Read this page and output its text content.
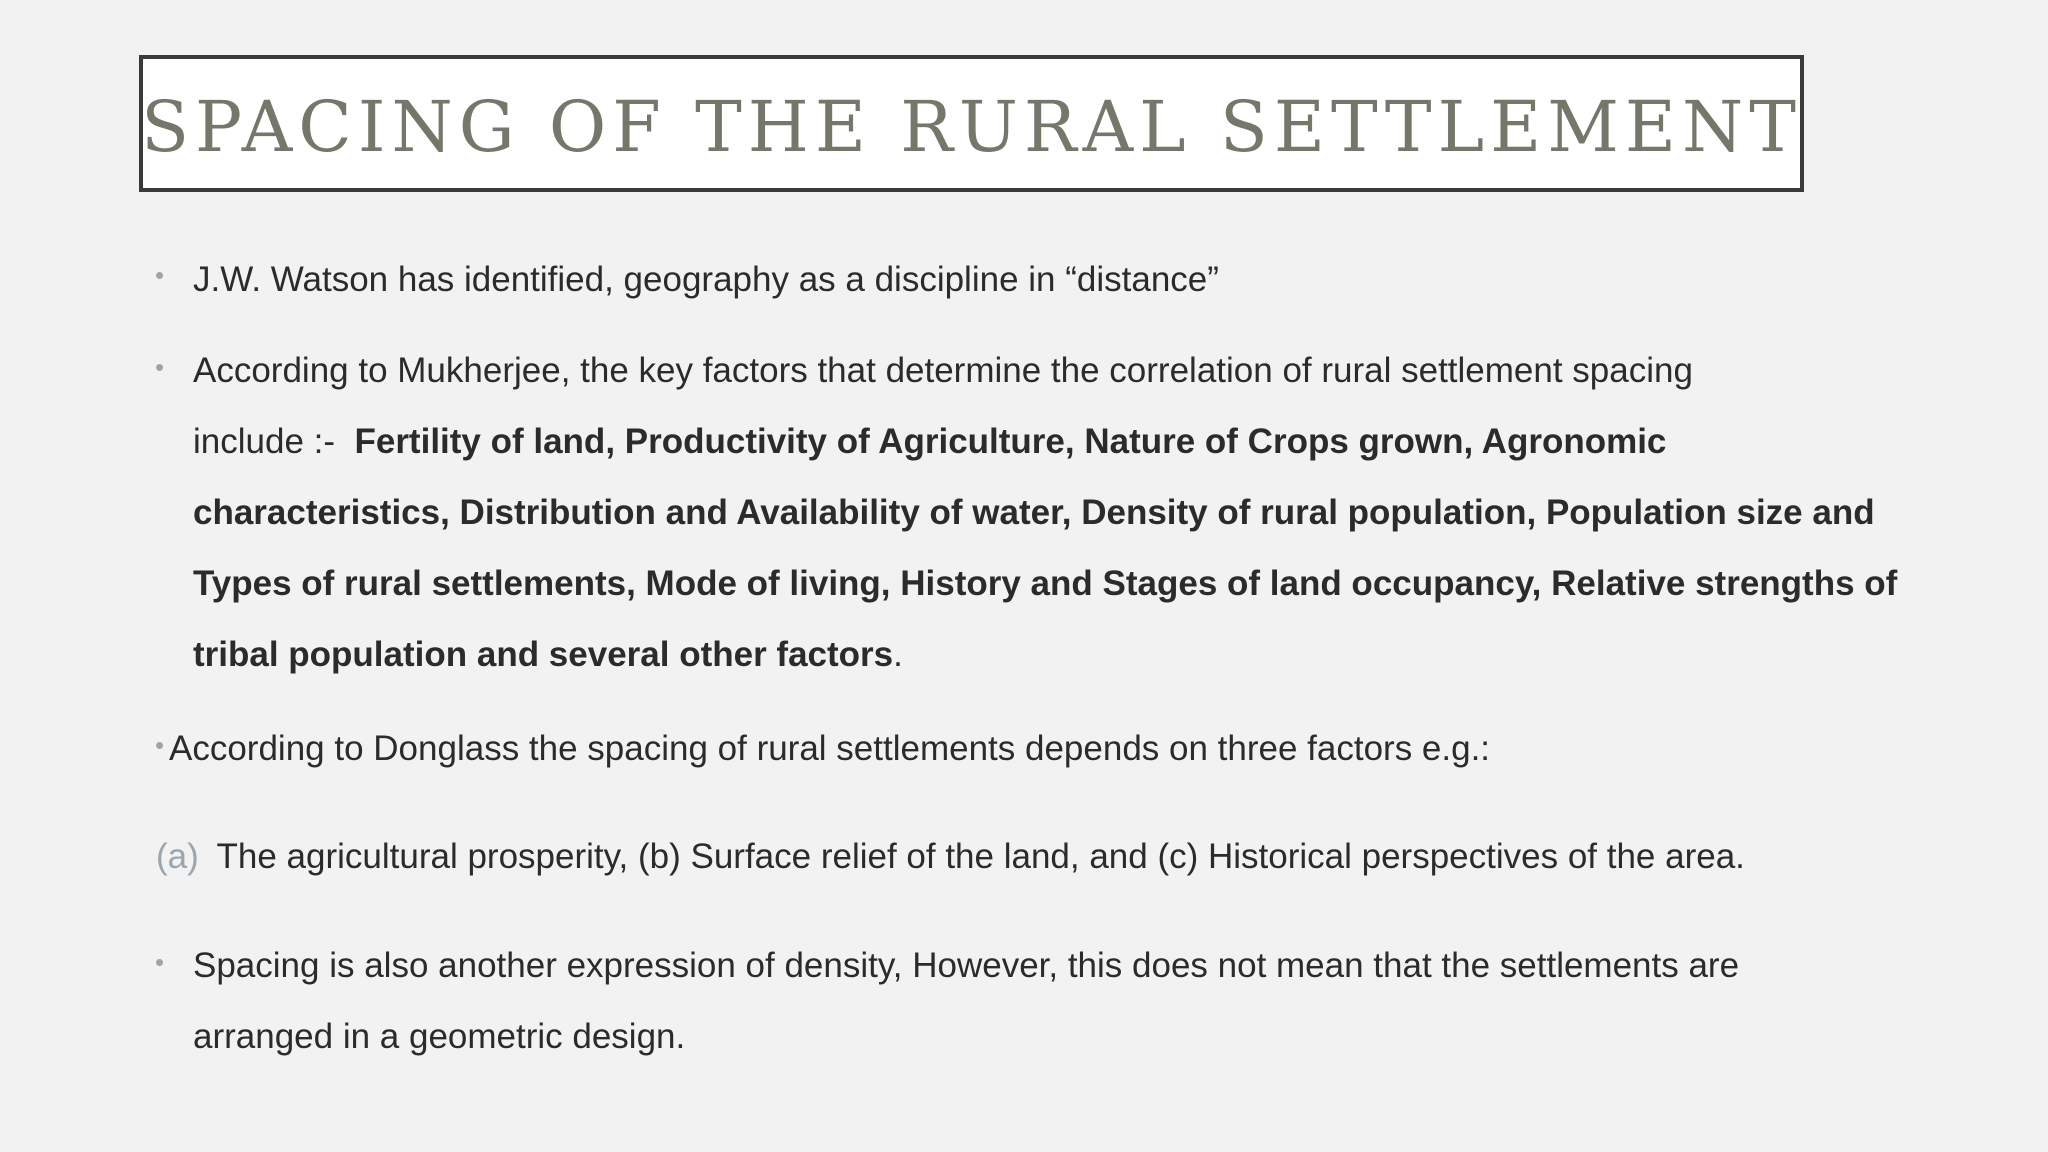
SPACING OF THE RURAL SETTLEMENT
• J.W. Watson has identified, geography as a discipline in “distance”
• According to Mukherjee, the key factors that determine the correlation of rural settlement spacing
include :-  Fertility of land, Productivity of Agriculture, Nature of Crops grown, Agronomic
characteristics, Distribution and Availability of water, Density of rural population, Population size and
Types of rural settlements, Mode of living, History and Stages of land occupancy, Relative strengths of
tribal population and several other factors.
• According to Donglass the spacing of rural settlements depends on three factors e.g.:
(a) The agricultural prosperity, (b) Surface relief of the land, and (c) Historical perspectives of the area.
• Spacing is also another expression of density, However, this does not mean that the settlements are
arranged in a geometric design.
